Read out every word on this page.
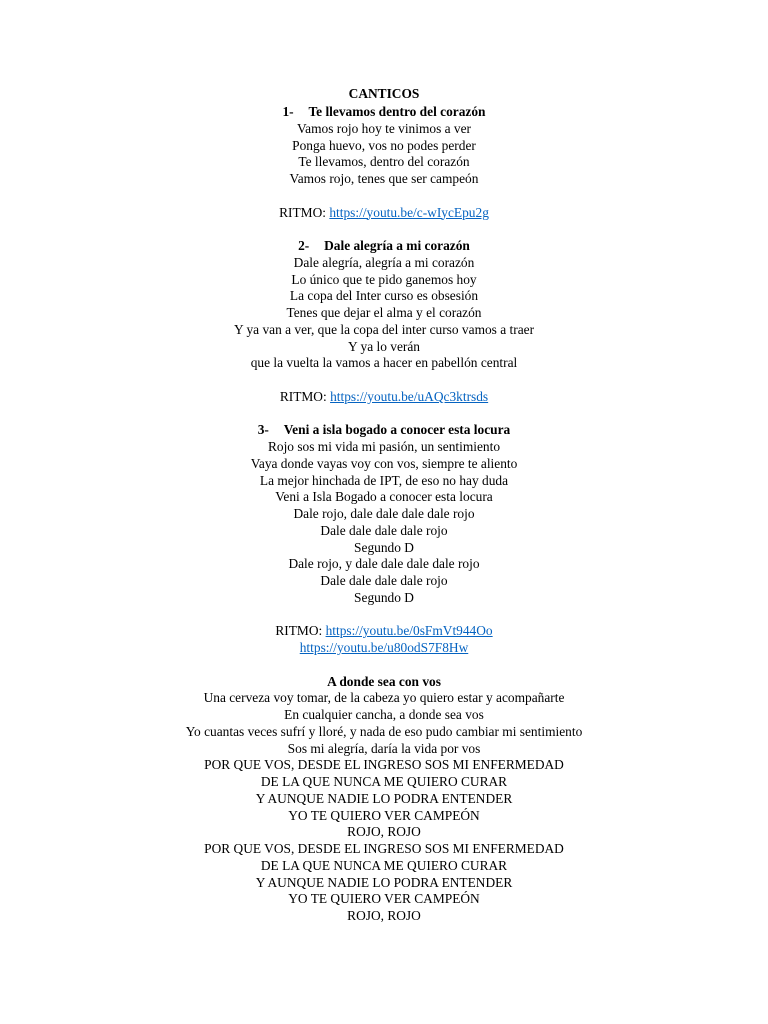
CANTICOS
1- Te llevamos dentro del corazón
Vamos rojo hoy te vinimos a ver
Ponga huevo, vos no podes perder
Te llevamos, dentro del corazón
Vamos rojo, tenes que ser campeón
RITMO: https://youtu.be/c-wIycEpu2g
2- Dale alegría a mi corazón
Dale alegría, alegría a mi corazón
Lo único que te pido ganemos hoy
La copa del Inter curso es obsesión
Tenes que dejar el alma y el corazón
Y ya van a ver, que la copa del inter curso vamos a traer
Y ya lo verán
que la vuelta la vamos a hacer en pabellón central
RITMO: https://youtu.be/uAQc3ktrsds
3- Veni a isla bogado a conocer esta locura
Rojo sos mi vida mi pasión, un sentimiento
Vaya donde vayas voy con vos, siempre te aliento
La mejor hinchada de IPT, de eso no hay duda
Veni a Isla Bogado a conocer esta locura
Dale rojo, dale dale dale dale rojo
Dale dale dale dale rojo
Segundo D
Dale rojo, y dale dale dale dale rojo
Dale dale dale dale rojo
Segundo D
RITMO: https://youtu.be/0sFmVt944Oo
https://youtu.be/u80odS7F8Hw
A donde sea con vos
Una cerveza voy tomar, de la cabeza yo quiero estar y acompañarte
En cualquier cancha, a donde sea vos
Yo cuantas veces sufrí y lloré, y nada de eso pudo cambiar mi sentimiento
Sos mi alegría, daría la vida por vos
POR QUE VOS, DESDE EL INGRESO SOS MI ENFERMEDAD
DE LA QUE NUNCA ME QUIERO CURAR
Y AUNQUE NADIE LO PODRA ENTENDER
YO TE QUIERO VER CAMPEÓN
ROJO, ROJO
POR QUE VOS, DESDE EL INGRESO SOS MI ENFERMEDAD
DE LA QUE NUNCA ME QUIERO CURAR
Y AUNQUE NADIE LO PODRA ENTENDER
YO TE QUIERO VER CAMPEÓN
ROJO, ROJO
